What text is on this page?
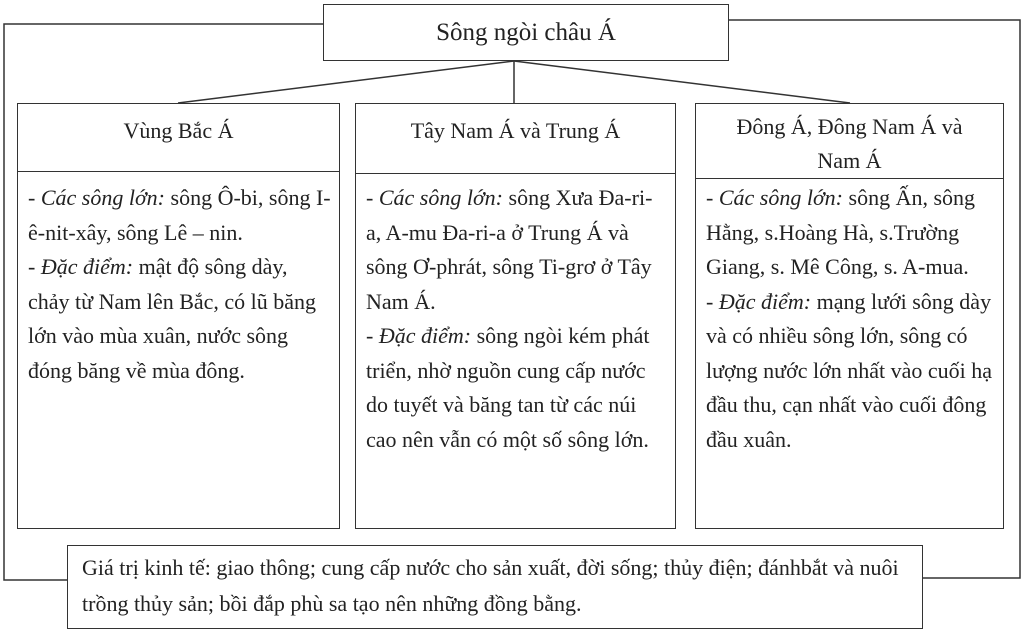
Sông ngòi châu Á
Vùng Bắc Á

- Các sông lớn: sông Ô-bi, sông I-ê-nit-xây, sông Lê – nin.

- Đặc điểm: mật độ sông dày, chảy từ Nam lên Bắc, có lũ băng lớn vào mùa xuân, nước sông đóng băng về mùa đông.

Tây Nam Á và Trung Á

- Các sông lớn: sông Xưa Đa-ri-a, A-mu Đa-ri-a ở Trung Á và sông Ơ-phrát, sông Ti-grơ ở Tây Nam Á.

- Đặc điểm: sông ngòi kém phát triển, nhờ nguồn cung cấp nước do tuyết và băng tan từ các núi cao nên vẫn có một số sông lớn.

Đông Á, Đông Nam Á và Nam Á

- Các sông lớn: sông Ấn, sông Hằng, s.Hoàng Hà, s.Trường Giang, s. Mê Công, s. A-mua.

- Đặc điểm: mạng lưới sông dày và có nhiều sông lớn, sông có lượng nước lớn nhất vào cuối hạ đầu thu, cạn nhất vào cuối đông đầu xuân.

Giá trị kinh tế: giao thông; cung cấp nước cho sản xuất, đời sống; thủy điện; đánhbắt và nuôi trồng thủy sản; bồi đắp phù sa tạo nên những đồng bằng.
